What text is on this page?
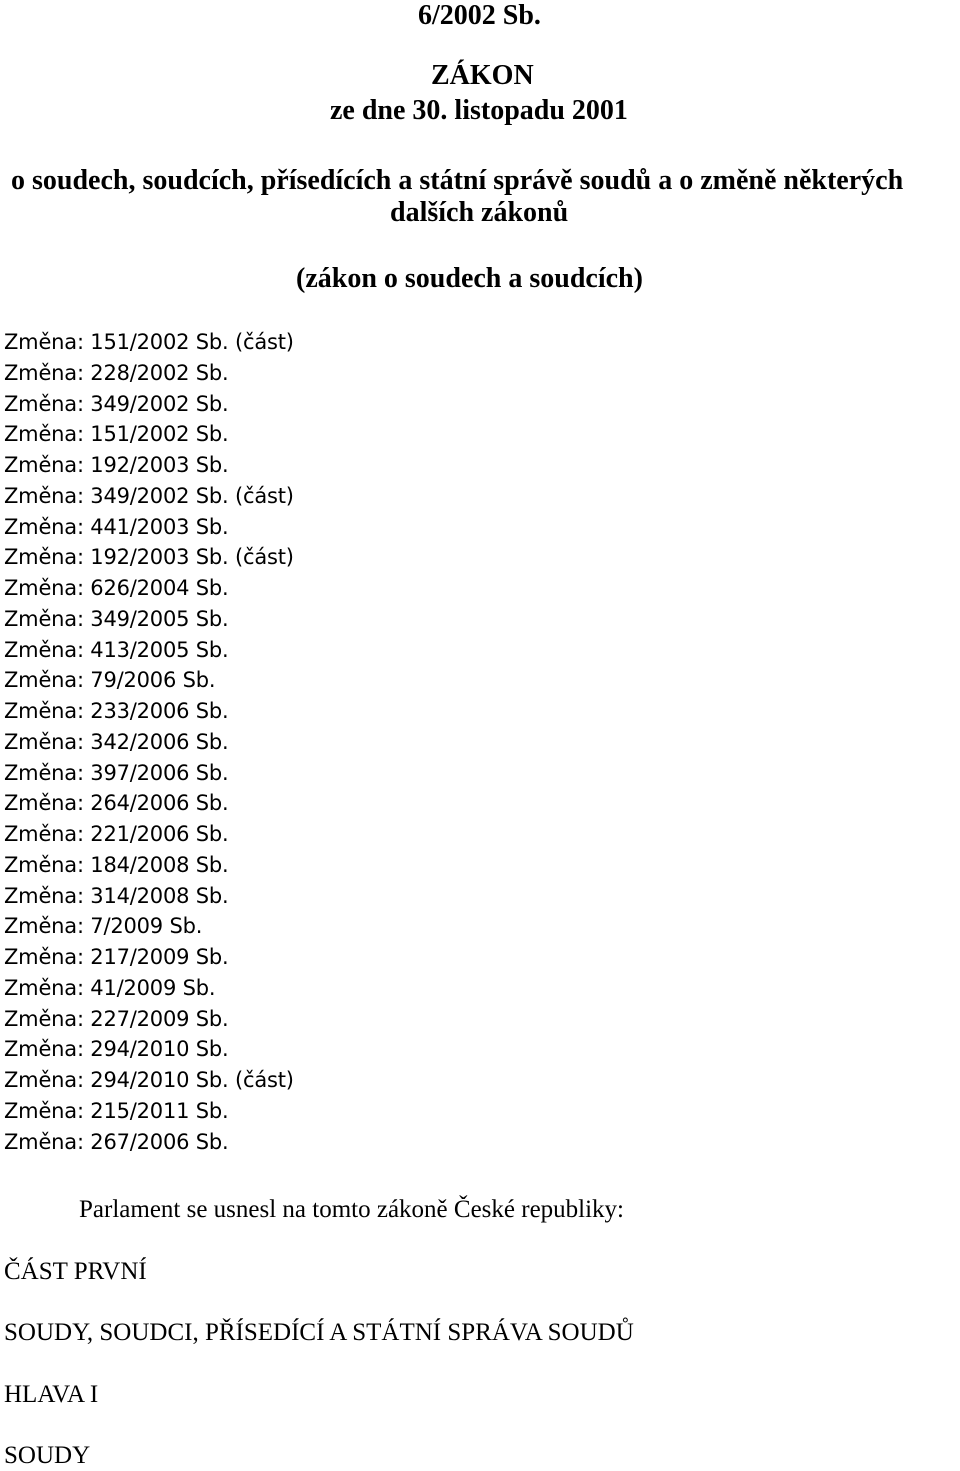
6/2002 Sb.
ZÁKON
ze dne 30. listopadu 2001
o soudech, soudcích, přísedících a státní správě soudů a o změně některých
dalších zákonů
(zákon o soudech a soudcích)
Změna: 151/2002 Sb. (část)
Změna: 228/2002 Sb.
Změna: 349/2002 Sb.
Změna: 151/2002 Sb.
Změna: 192/2003 Sb.
Změna: 349/2002 Sb. (část)
Změna: 441/2003 Sb.
Změna: 192/2003 Sb. (část)
Změna: 626/2004 Sb.
Změna: 349/2005 Sb.
Změna: 413/2005 Sb.
Změna: 79/2006 Sb.
Změna: 233/2006 Sb.
Změna: 342/2006 Sb.
Změna: 397/2006 Sb.
Změna: 264/2006 Sb.
Změna: 221/2006 Sb.
Změna: 184/2008 Sb.
Změna: 314/2008 Sb.
Změna: 7/2009 Sb.
Změna: 217/2009 Sb.
Změna: 41/2009 Sb.
Změna: 227/2009 Sb.
Změna: 294/2010 Sb.
Změna: 294/2010 Sb. (část)
Změna: 215/2011 Sb.
Změna: 267/2006 Sb.
Parlament se usnesl na tomto zákoně České republiky:
ČÁST PRVNÍ
SOUDY, SOUDCI, PŘÍSEDÍCÍ A STÁTNÍ SPRÁVA SOUDŮ
HLAVA I
SOUDY
